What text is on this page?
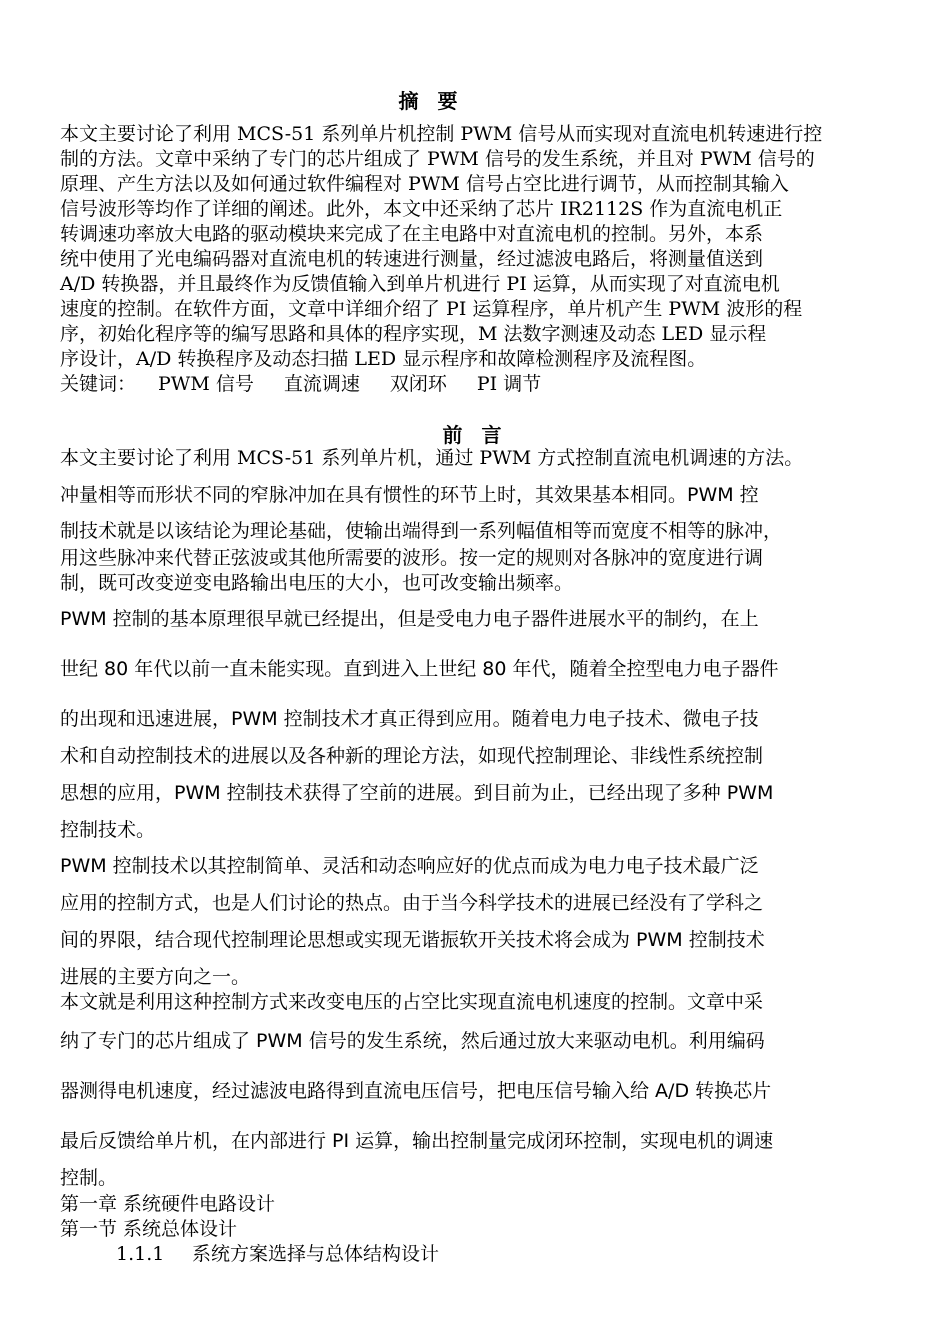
摘 要
本文主要讨论了利用 MCS-51 系列单片机控制 PWM 信号从而实现对直流电机转速进行控
制的方法。文章中采纳了专门的芯片组成了 PWM 信号的发生系统，并且对 PWM 信号的
原理、产生方法以及如何通过软件编程对 PWM 信号占空比进行调节，从而控制其输入
信号波形等均作了详细的阐述。此外，本文中还采纳了芯片 IR2112S 作为直流电机正
转调速功率放大电路的驱动模块来完成了在主电路中对直流电机的控制。另外，本系
统中使用了光电编码器对直流电机的转速进行测量，经过滤波电路后，将测量值送到
A/D 转换器，并且最终作为反馈值输入到单片机进行 PI 运算，从而实现了对直流电机
速度的控制。在软件方面，文章中详细介绍了 PI 运算程序，单片机产生 PWM 波形的程
序，初始化程序等的编写思路和具体的程序实现，M 法数字测速及动态 LED 显示程
序设计，A/D 转换程序及动态扫描 LED 显示程序和故障检测程序及流程图。
关键词： PWM 信号 直流调速 双闭环 PI 调节
前 言
本文主要讨论了利用 MCS-51 系列单片机，通过 PWM 方式控制直流电机调速的方法。
冲量相等而形状不同的窄脉冲加在具有惯性的环节上时，其效果基本相同。PWM 控
制技术就是以该结论为理论基础，使输出端得到一系列幅值相等而宽度不相等的脉冲，
用这些脉冲来代替正弦波或其他所需要的波形。按一定的规则对各脉冲的宽度进行调
制，既可改变逆变电路输出电压的大小，也可改变输出频率。
PWM 控制的基本原理很早就已经提出，但是受电力电子器件进展水平的制约，在上
世纪 80 年代以前一直未能实现。直到进入上世纪 80 年代，随着全控型电力电子器件
的出现和迅速进展，PWM 控制技术才真正得到应用。随着电力电子技术、微电子技
术和自动控制技术的进展以及各种新的理论方法，如现代控制理论、非线性系统控制
思想的应用，PWM 控制技术获得了空前的进展。到目前为止，已经出现了多种 PWM
控制技术。
PWM 控制技术以其控制简单、灵活和动态响应好的优点而成为电力电子技术最广泛
应用的控制方式，也是人们讨论的热点。由于当今科学技术的进展已经没有了学科之
间的界限，结合现代控制理论思想或实现无谐振软开关技术将会成为 PWM 控制技术
进展的主要方向之一。
本文就是利用这种控制方式来改变电压的占空比实现直流电机速度的控制。文章中采
纳了专门的芯片组成了 PWM 信号的发生系统，然后通过放大来驱动电机。利用编码
器测得电机速度，经过滤波电路得到直流电压信号，把电压信号输入给 A/D 转换芯片
最后反馈给单片机，在内部进行 PI 运算，输出控制量完成闭环控制，实现电机的调速
控制。
第一章 系统硬件电路设计
第一节 系统总体设计
1.1.1 系统方案选择与总体结构设计
